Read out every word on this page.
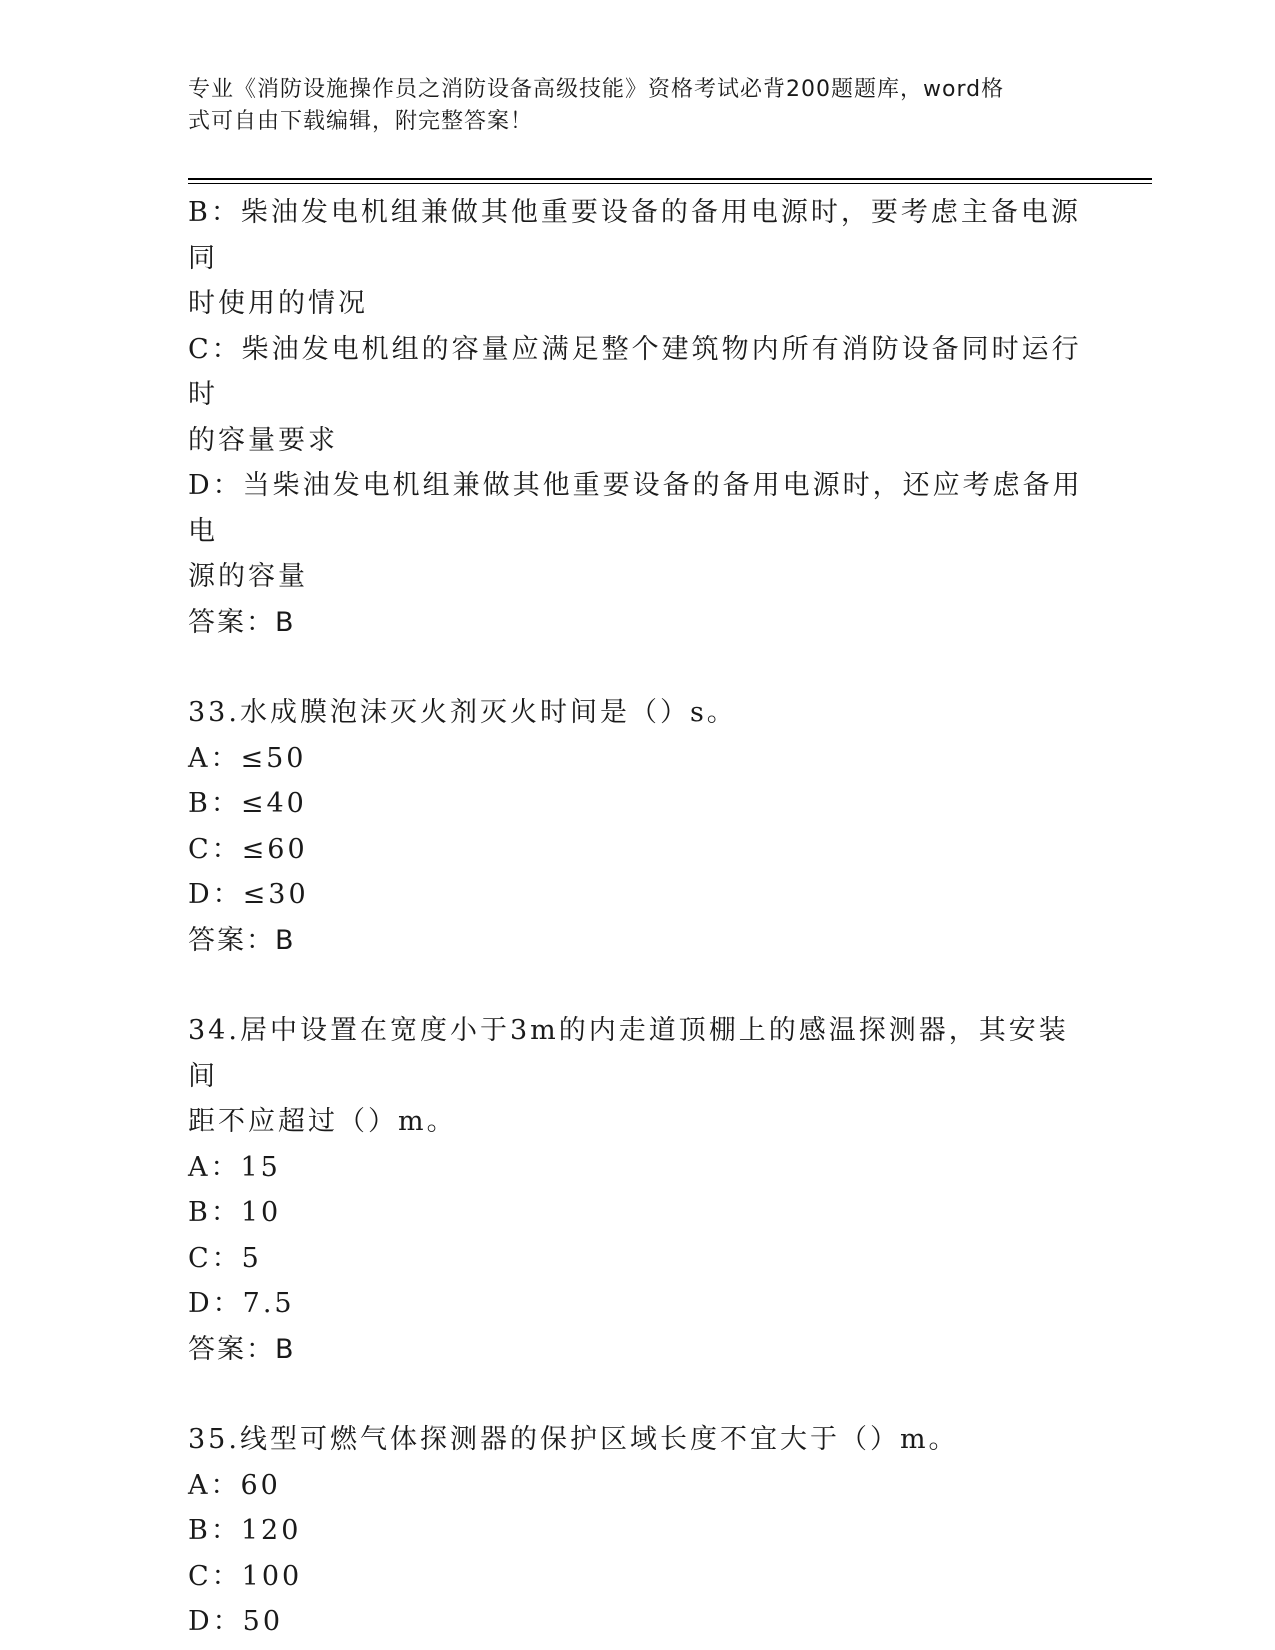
专业《消防设施操作员之消防设备高级技能》资格考试必背200题题库，word格
式可自由下载编辑，附完整答案！
B：柴油发电机组兼做其他重要设备的备用电源时，要考虑主备电源同
时使用的情况
C：柴油发电机组的容量应满足整个建筑物内所有消防设备同时运行时
的容量要求
D：当柴油发电机组兼做其他重要设备的备用电源时，还应考虑备用电
源的容量
答案：B
33.水成膜泡沫灭火剂灭火时间是（）s。
A：≤50
B：≤40
C：≤60
D：≤30
答案：B
34.居中设置在宽度小于3m的内走道顶棚上的感温探测器，其安装间
距不应超过（）m。
A：15
B：10
C：5
D：7.5
答案：B
35.线型可燃气体探测器的保护区域长度不宜大于（）m。
A：60
B：120
C：100
D：50
